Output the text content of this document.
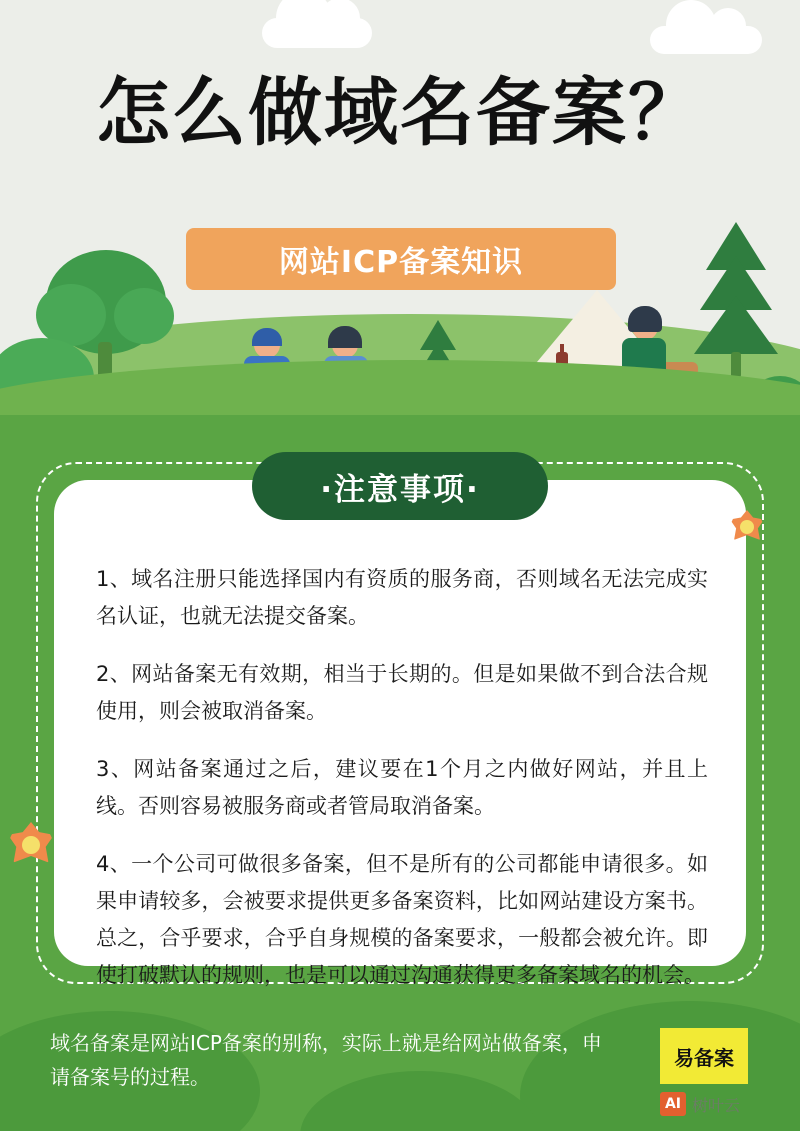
怎么做域名备案？
网站ICP备案知识
·注意事项·

1、域名注册只能选择国内有资质的服务商，否则域名无法完成实名认证，也就无法提交备案。

2、网站备案无有效期，相当于长期的。但是如果做不到合法合规使用，则会被取消备案。

3、网站备案通过之后，建议要在1个月之内做好网站，并且上线。否则容易被服务商或者管局取消备案。

4、一个公司可做很多备案，但不是所有的公司都能申请很多。如果申请较多，会被要求提供更多备案资料，比如网站建设方案书。总之，合乎要求，合乎自身规模的备案要求，一般都会被允许。即使打破默认的规则，也是可以通过沟通获得更多备案域名的机会。

域名备案是网站ICP备案的别称，实际上就是给网站做备案，申请备案号的过程。
易备案
AI 树叶云
